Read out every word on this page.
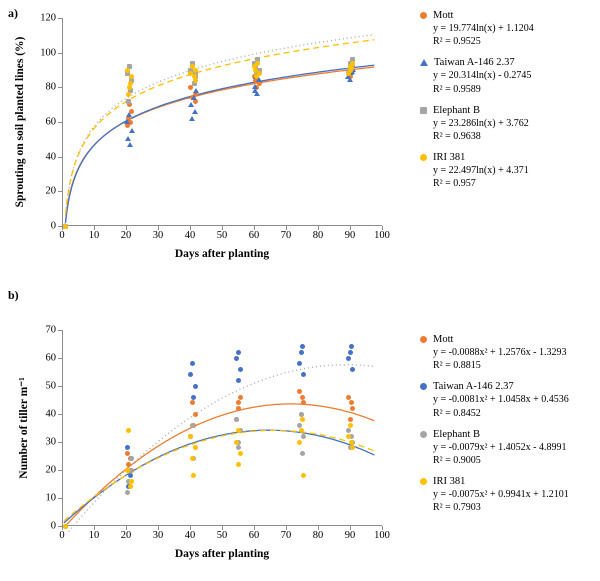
a)
0
20
40
60
80
100
120
0 10 20 30 40 50 60 70 80 90 100
Days after planting
Sprouting on soil planted lines (%)
Mott
y = 19.774ln(x) + 1.1204
R² = 0.9525
Taiwan A-146 2.37
y = 20.314ln(x) - 0.2745
R² = 0.9589
Elephant B
y = 23.286ln(x) + 3.762
R² = 0.9638
IRI 381
y = 22.497ln(x) + 4.371
R² = 0.957
b)
0
10
20
30
40
50
60
70
0 10 20 30 40 50 60 70 80 90 100
Days after planting
Number of tiller m⁻¹
Mott
y = -0.0088x² + 1.2576x - 1.3293
R² = 0.8815
Taiwan A-146 2.37
y = -0.0081x² + 1.0458x + 0.4536
R² = 0.8452
Elephant B
y = -0.0079x² + 1.4052x - 4.8991
R² = 0.9005
IRI 381
y = -0.0075x² + 0.9941x + 1.2101
R² = 0.7903
